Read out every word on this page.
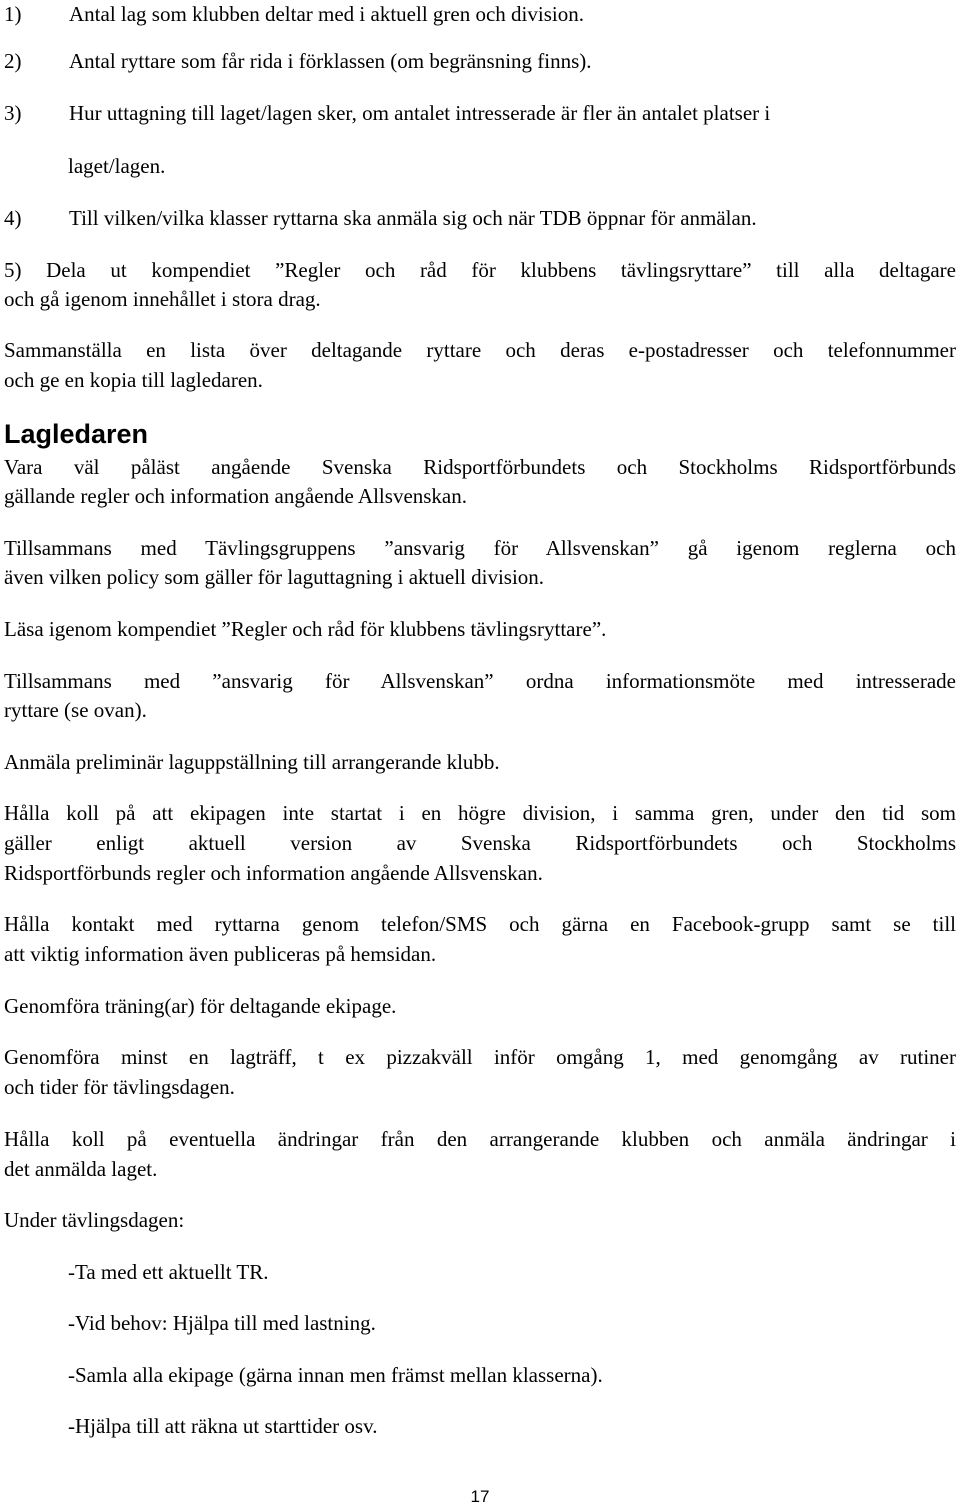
1) Antal lag som klubben deltar med i aktuell gren och division.
2) Antal ryttare som får rida i förklassen (om begränsning finns).
3) Hur uttagning till laget/lagen sker, om antalet intresserade är fler än antalet platser i
laget/lagen.
4) Till vilken/vilka klasser ryttarna ska anmäla sig och när TDB öppnar för anmälan.
5) Dela ut kompendiet ”Regler och råd för klubbens tävlingsryttare” till alla deltagare
och gå igenom innehållet i stora drag.
Sammanställa en lista över deltagande ryttare och deras e-postadresser och telefonnummer
och ge en kopia till lagledaren.
Lagledaren
Vara väl påläst angående Svenska Ridsportförbundets och Stockholms Ridsportförbunds
gällande regler och information angående Allsvenskan.
Tillsammans med Tävlingsgruppens ”ansvarig för Allsvenskan” gå igenom reglerna och
även vilken policy som gäller för laguttagning i aktuell division.
Läsa igenom kompendiet ”Regler och råd för klubbens tävlingsryttare”.
Tillsammans med ”ansvarig för Allsvenskan” ordna informationsmöte med intresserade
ryttare (se ovan).
Anmäla preliminär laguppställning till arrangerande klubb.
Hålla koll på att ekipagen inte startat i en högre division, i samma gren, under den tid som
gäller enligt aktuell version av Svenska Ridsportförbundets och Stockholms
Ridsportförbunds regler och information angående Allsvenskan.
Hålla kontakt med ryttarna genom telefon/SMS och gärna en Facebook-grupp samt se till
att viktig information även publiceras på hemsidan.
Genomföra träning(ar) för deltagande ekipage.
Genomföra minst en lagträff, t ex pizzakväll inför omgång 1, med genomgång av rutiner
och tider för tävlingsdagen.
Hålla koll på eventuella ändringar från den arrangerande klubben och anmäla ändringar i
det anmälda laget.
Under tävlingsdagen:
-Ta med ett aktuellt TR.
-Vid behov: Hjälpa till med lastning.
-Samla alla ekipage (gärna innan men främst mellan klasserna).
-Hjälpa till att räkna ut starttider osv.
17
